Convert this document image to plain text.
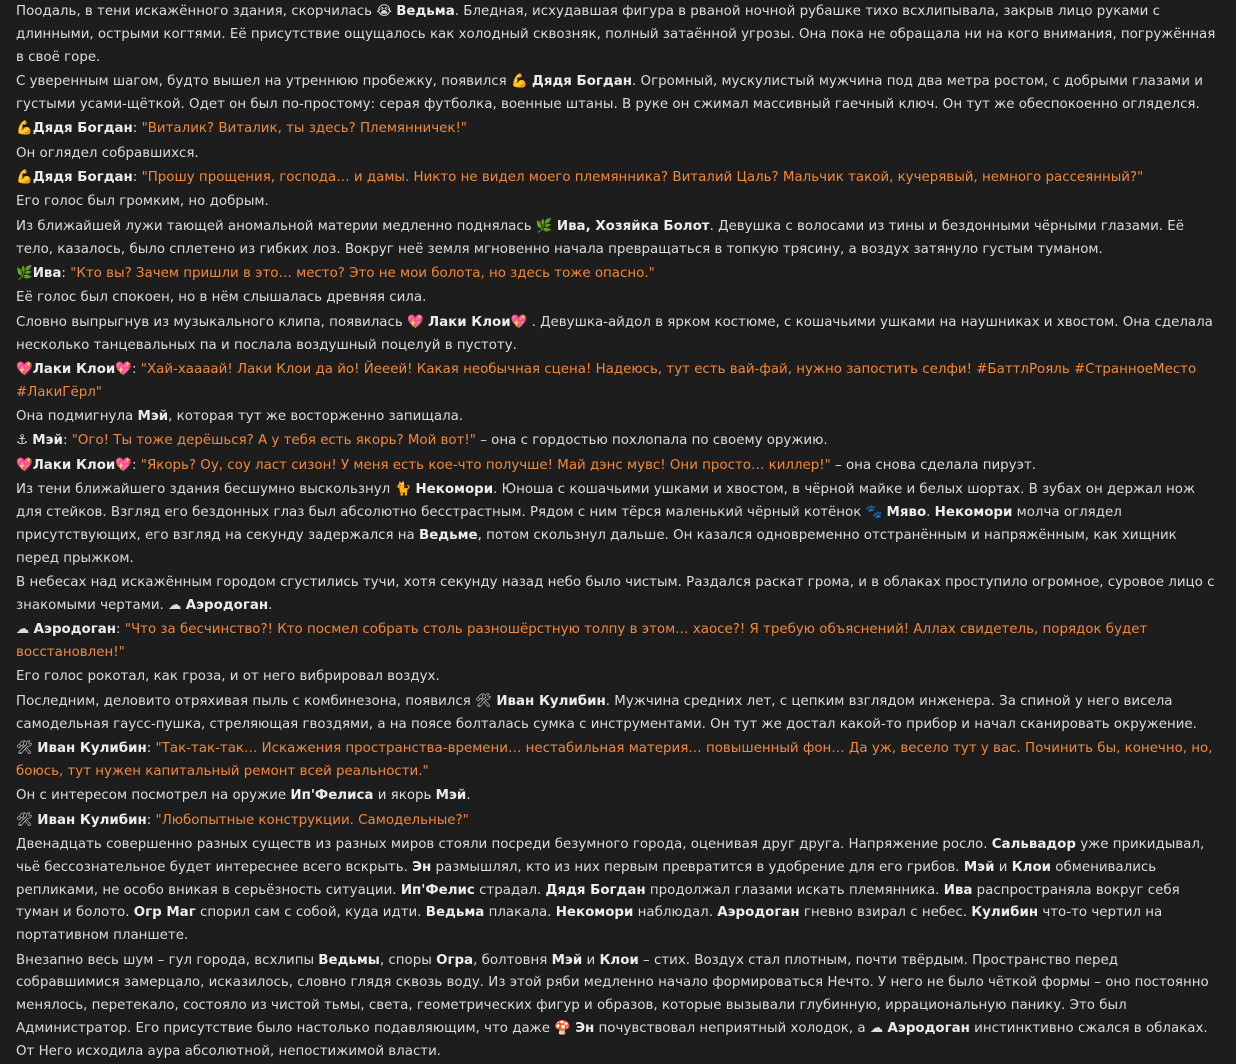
Поодаль, в тени искажённого здания, скорчилась 😭 Ведьма. Бледная, исхудавшая фигура в рваной ночной рубашке тихо всхлипывала, закрыв лицо руками с длинными, острыми когтями. Её присутствие ощущалось как холодный сквозняк, полный затаённой угрозы. Она пока не обращала ни на кого внимания, погружённая в своё горе.
С уверенным шагом, будто вышел на утреннюю пробежку, появился 💪 Дядя Богдан. Огромный, мускулистый мужчина под два метра ростом, с добрыми глазами и густыми усами-щёткой. Одет он был по-простому: серая футболка, военные штаны. В руке он сжимал массивный гаечный ключ. Он тут же обеспокоенно огляделся.
💪Дядя Богдан: "Виталик? Виталик, ты здесь? Племянничек!"
Он оглядел собравшихся.
💪Дядя Богдан: "Прошу прощения, господа… и дамы. Никто не видел моего племянника? Виталий Цаль? Мальчик такой, кучерявый, немного рассеянный?"
Его голос был громким, но добрым.
Из ближайшей лужи тающей аномальной материи медленно поднялась 🌿 Ива, Хозяйка Болот. Девушка с волосами из тины и бездонными чёрными глазами. Её тело, казалось, было сплетено из гибких лоз. Вокруг неё земля мгновенно начала превращаться в топкую трясину, а воздух затянуло густым туманом.
🌿Ива: "Кто вы? Зачем пришли в это… место? Это не мои болота, но здесь тоже опасно."
Её голос был спокоен, но в нём слышалась древняя сила.
Словно выпрыгнув из музыкального клипа, появилась 💖 Лаки Клои💖 . Девушка-айдол в ярком костюме, с кошачьими ушками на наушниках и хвостом. Она сделала несколько танцевальных па и послала воздушный поцелуй в пустоту.
💖Лаки Клои💖: "Хай-хаааай! Лаки Клои да йо! Йееей! Какая необычная сцена! Надеюсь, тут есть вай-фай, нужно запостить селфи! #БаттлРояль #СтранноеМесто #ЛакиГёрл"
Она подмигнула Мэй, которая тут же восторженно запищала.
⚓ Мэй: "Ого! Ты тоже дерёшься? А у тебя есть якорь? Мой вот!" – она с гордостью похлопала по своему оружию.
💖Лаки Клои💖: "Якорь? Оу, соу ласт сизон! У меня есть кое-что получше! Май дэнс мувс! Они просто… киллер!" – она снова сделала пируэт.
Из тени ближайшего здания бесшумно выскользнул 🐈 Некомори. Юноша с кошачьими ушками и хвостом, в чёрной майке и белых шортах. В зубах он держал нож для стейков. Взгляд его бездонных глаз был абсолютно бесстрастным. Рядом с ним тёрся маленький чёрный котёнок 🐾 Мяво. Некомори молча оглядел присутствующих, его взгляд на секунду задержался на Ведьме, потом скользнул дальше. Он казался одновременно отстранённым и напряжённым, как хищник перед прыжком.
В небесах над искажённым городом сгустились тучи, хотя секунду назад небо было чистым. Раздался раскат грома, и в облаках проступило огромное, суровое лицо с знакомыми чертами. ☁ Аэродоган.
☁ Аэродоган: "Что за бесчинство?! Кто посмел собрать столь разношёрстную толпу в этом… хаосе?! Я требую объяснений! Аллах свидетель, порядок будет восстановлен!"
Его голос рокотал, как гроза, и от него вибрировал воздух.
Последним, деловито отряхивая пыль с комбинезона, появился 🛠 Иван Кулибин. Мужчина средних лет, с цепким взглядом инженера. За спиной у него висела самодельная гаусс-пушка, стреляющая гвоздями, а на поясе болталась сумка с инструментами. Он тут же достал какой-то прибор и начал сканировать окружение.
🛠 Иван Кулибин: "Так-так-так… Искажения пространства-времени… нестабильная материя… повышенный фон… Да уж, весело тут у вас. Починить бы, конечно, но, боюсь, тут нужен капитальный ремонт всей реальности."
Он с интересом посмотрел на оружие Ип'Фелиса и якорь Мэй.
🛠 Иван Кулибин: "Любопытные конструкции. Самодельные?"
Двенадцать совершенно разных существ из разных миров стояли посреди безумного города, оценивая друг друга. Напряжение росло. Сальвадор уже прикидывал, чьё бессознательное будет интереснее всего вскрыть. Эн размышлял, кто из них первым превратится в удобрение для его грибов. Мэй и Клои обменивались репликами, не особо вникая в серьёзность ситуации. Ип'Фелис страдал. Дядя Богдан продолжал глазами искать племянника. Ива распространяла вокруг себя туман и болото. Огр Маг спорил сам с собой, куда идти. Ведьма плакала. Некомори наблюдал. Аэродоган гневно взирал с небес. Кулибин что-то чертил на портативном планшете.
Внезапно весь шум – гул города, всхлипы Ведьмы, споры Огра, болтовня Мэй и Клои – стих. Воздух стал плотным, почти твёрдым. Пространство перед собравшимися замерцало, исказилось, словно глядя сквозь воду. Из этой ряби медленно начало формироваться Нечто. У него не было чёткой формы – оно постоянно менялось, перетекало, состояло из чистой тьмы, света, геометрических фигур и образов, которые вызывали глубинную, иррациональную панику. Это был Администратор. Его присутствие было настолько подавляющим, что даже 🍄 Эн почувствовал неприятный холодок, а ☁ Аэродоган инстинктивно сжался в облаках. От Него исходила аура абсолютной, непостижимой власти.
